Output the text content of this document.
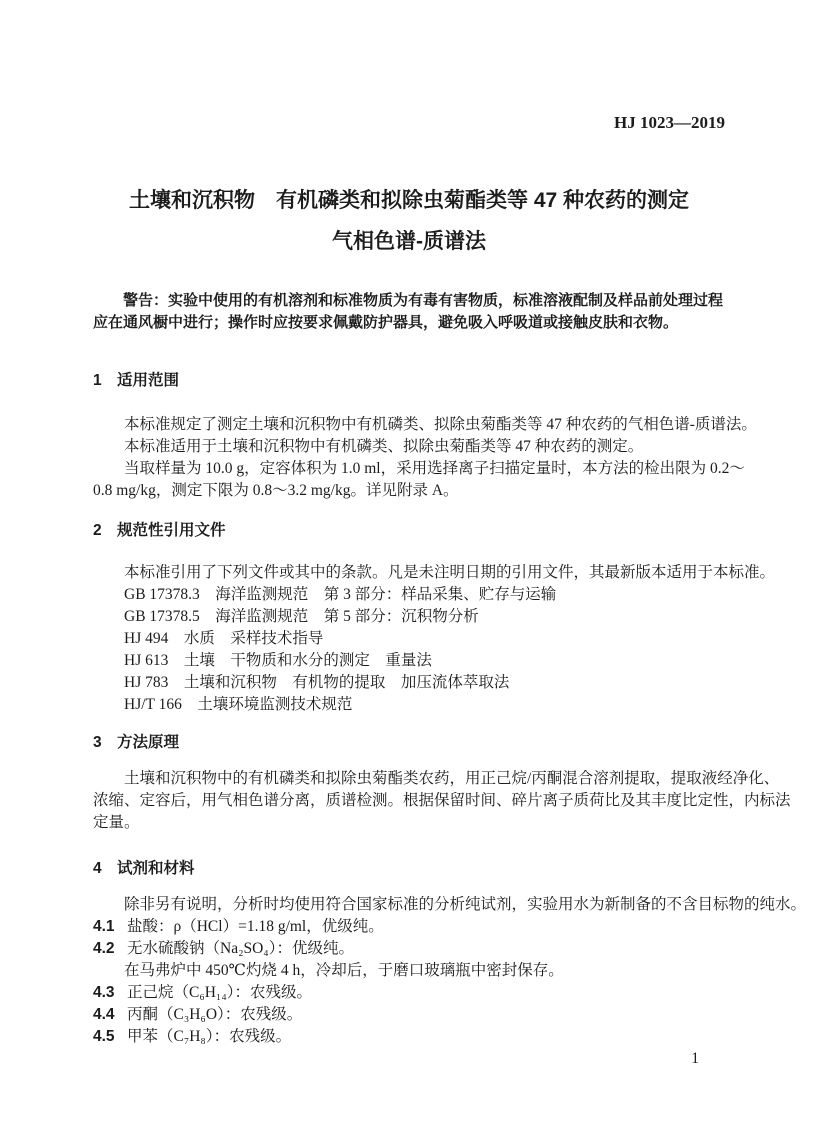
HJ 1023—2019
土壤和沉积物　有机磷类和拟除虫菊酯类等 47 种农药的测定
气相色谱-质谱法
警告：实验中使用的有机溶剂和标准物质为有毒有害物质，标准溶液配制及样品前处理过程
应在通风橱中进行；操作时应按要求佩戴防护器具，避免吸入呼吸道或接触皮肤和衣物。
1 适用范围
本标准规定了测定土壤和沉积物中有机磷类、拟除虫菊酯类等 47 种农药的气相色谱-质谱法。
本标准适用于土壤和沉积物中有机磷类、拟除虫菊酯类等 47 种农药的测定。
当取样量为 10.0 g，定容体积为 1.0 ml，采用选择离子扫描定量时，本方法的检出限为 0.2～
0.8 mg/kg，测定下限为 0.8～3.2 mg/kg。详见附录 A。
2 规范性引用文件
本标准引用了下列文件或其中的条款。凡是未注明日期的引用文件，其最新版本适用于本标准。
GB 17378.3　海洋监测规范　第 3 部分：样品采集、贮存与运输
GB 17378.5　海洋监测规范　第 5 部分：沉积物分析
HJ 494　水质　采样技术指导
HJ 613　土壤　干物质和水分的测定　重量法
HJ 783　土壤和沉积物　有机物的提取　加压流体萃取法
HJ/T 166　土壤环境监测技术规范
3 方法原理
土壤和沉积物中的有机磷类和拟除虫菊酯类农药，用正己烷/丙酮混合溶剂提取，提取液经净化、
浓缩、定容后，用气相色谱分离，质谱检测。根据保留时间、碎片离子质荷比及其丰度比定性，内标法
定量。
4 试剂和材料
除非另有说明，分析时均使用符合国家标准的分析纯试剂，实验用水为新制备的不含目标物的纯水。
4.1 盐酸：ρ（HCl）=1.18 g/ml，优级纯。
4.2 无水硫酸钠（Na₂SO₄）：优级纯。
在马弗炉中 450℃灼烧 4 h，冷却后，于磨口玻璃瓶中密封保存。
4.3 正己烷（C₆H₁₄）：农残级。
4.4 丙酮（C₃H₆O）：农残级。
4.5 甲苯（C₇H₈）：农残级。
1
